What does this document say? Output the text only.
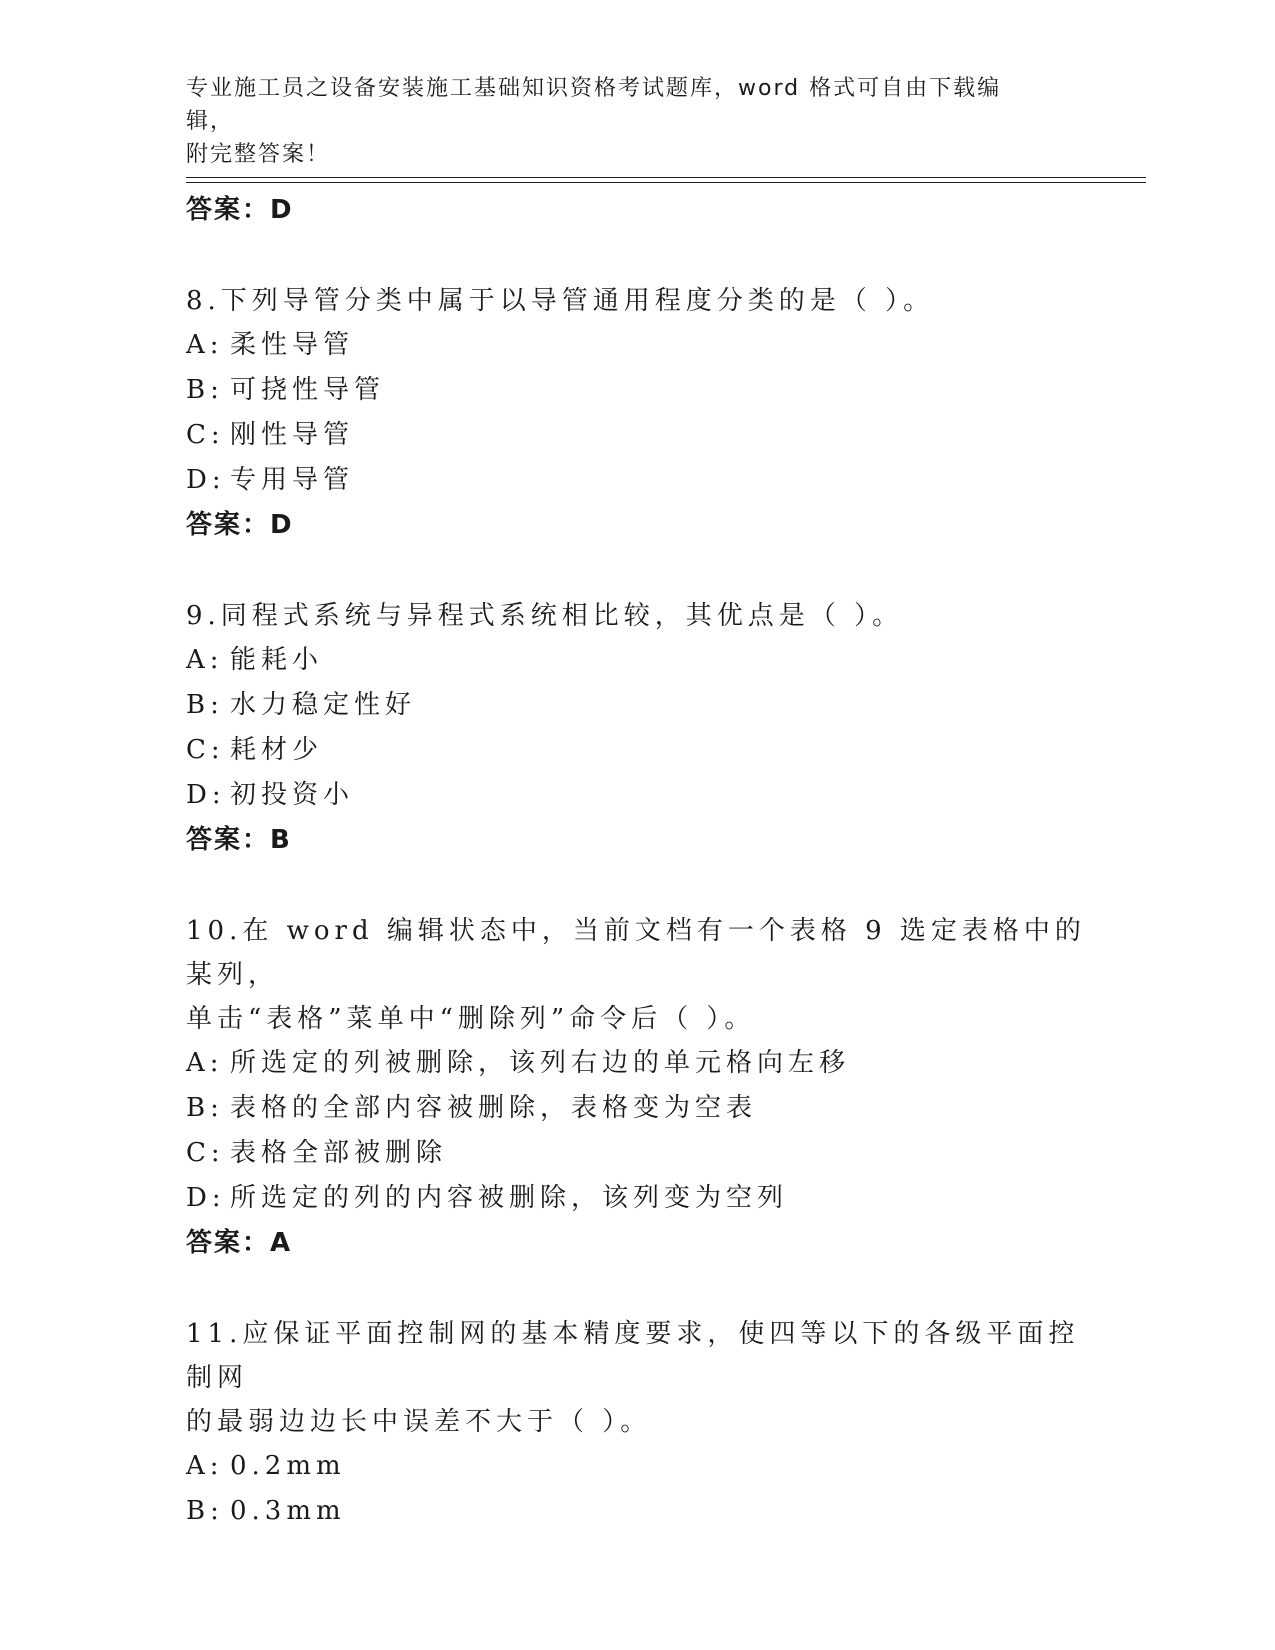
专业施工员之设备安装施工基础知识资格考试题库，word 格式可自由下载编辑，
附完整答案！
答案：D
8.下列导管分类中属于以导管通用程度分类的是（ ）。
A: 柔性导管
B: 可挠性导管
C: 刚性导管
D: 专用导管
答案：D
9.同程式系统与异程式系统相比较，其优点是（ ）。
A: 能耗小
B: 水力稳定性好
C: 耗材少
D: 初投资小
答案：B
10.在 word 编辑状态中，当前文档有一个表格 9 选定表格中的某列，
单击“表格”菜单中“删除列”命令后（ ）。
A: 所选定的列被删除，该列右边的单元格向左移
B: 表格的全部内容被删除，表格变为空表
C: 表格全部被删除
D: 所选定的列的内容被删除，该列变为空列
答案：A
11.应保证平面控制网的基本精度要求，使四等以下的各级平面控制网
的最弱边边长中误差不大于（ ）。
A: 0.2mm
B: 0.3mm
